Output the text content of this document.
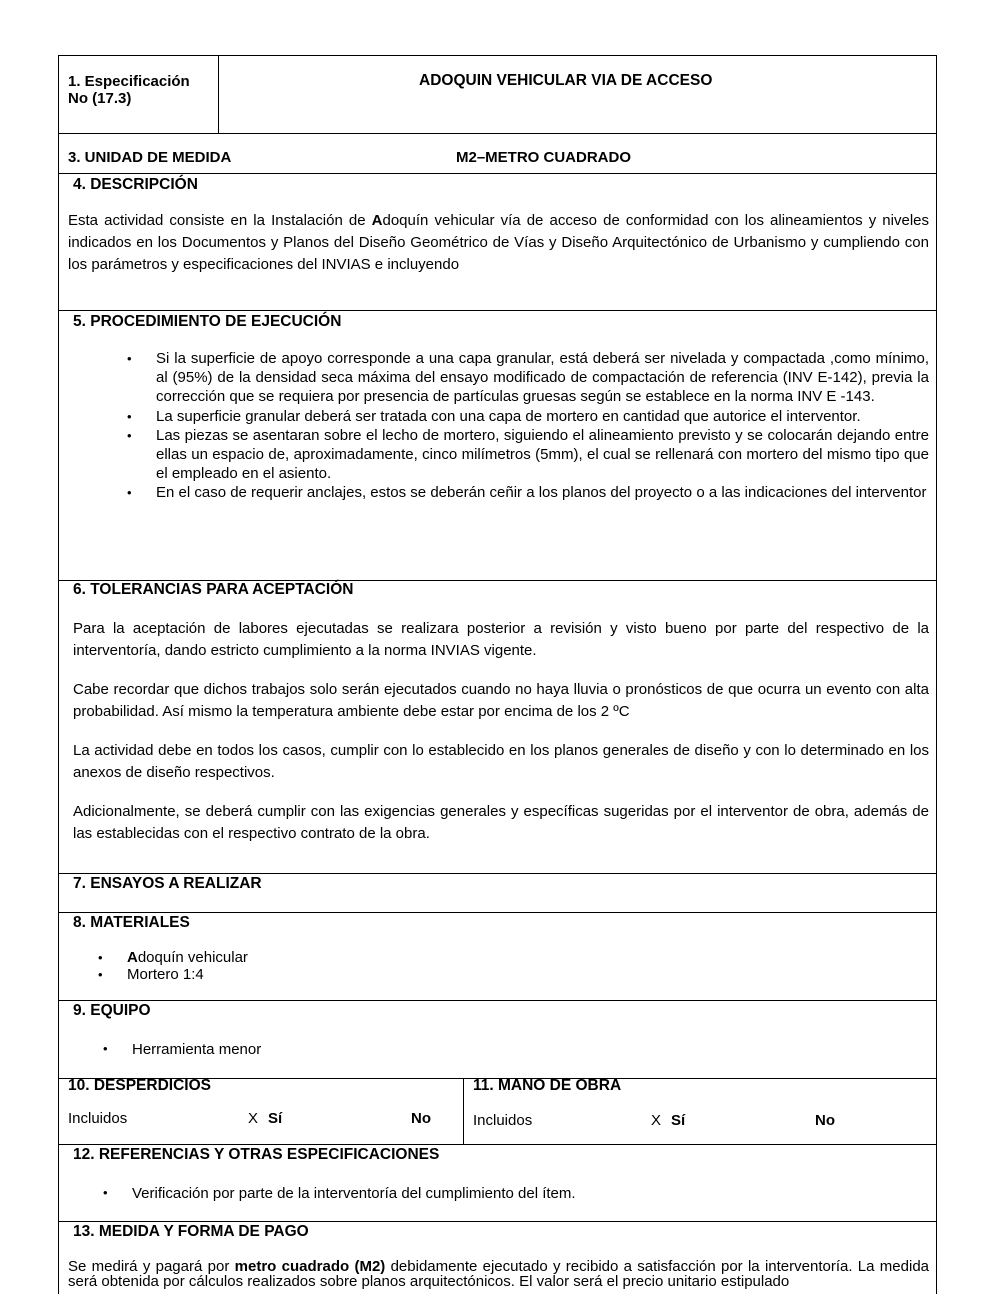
1. Especificación
No (17.3)
ADOQUIN VEHICULAR VIA DE ACCESO
3. UNIDAD DE MEDIDA	M2–METRO CUADRADO
4. DESCRIPCIÓN

Esta actividad consiste en la Instalación de Adoquín vehicular vía de acceso de conformidad con los alineamientos y niveles indicados en los Documentos y Planos del Diseño Geométrico de Vías y Diseño Arquitectónico de Urbanismo y cumpliendo con los parámetros y especificaciones del INVIAS e incluyendo

5. PROCEDIMIENTO DE EJECUCIÓN
• Si la superficie de apoyo corresponde a una capa granular, está deberá ser nivelada y compactada ,como mínimo, al (95%) de la densidad seca máxima del ensayo modificado de compactación de referencia (INV E-142), previa la corrección que se requiera por presencia de partículas gruesas según se establece en la norma INV E -143.
• La superficie granular deberá ser tratada con una capa de mortero en cantidad que autorice el interventor.
• Las piezas se asentaran sobre el lecho de mortero, siguiendo el alineamiento previsto y se colocarán dejando entre ellas un espacio de, aproximadamente, cinco milímetros (5mm), el cual se rellenará con mortero del mismo tipo que el empleado en el asiento.
• En el caso de requerir anclajes, estos se deberán ceñir a los planos del proyecto o a las indicaciones del interventor
6. TOLERANCIAS PARA ACEPTACIÓN

Para la aceptación de labores ejecutadas se realizara posterior a revisión y visto bueno por parte del respectivo de la interventoría, dando estricto cumplimiento a la norma INVIAS vigente.

Cabe recordar que dichos trabajos solo serán ejecutados cuando no haya lluvia o pronósticos de que ocurra un evento con alta probabilidad. Así mismo la temperatura ambiente debe estar por encima de los 2 ºC

La actividad debe en todos los casos, cumplir con lo establecido en los planos generales de diseño y con lo determinado en los anexos de diseño respectivos.

Adicionalmente, se deberá cumplir con las exigencias generales y específicas sugeridas por el interventor de obra, además de las establecidas con el respectivo contrato de la obra.

7. ENSAYOS A REALIZAR
8. MATERIALES
• Adoquín vehicular
• Mortero 1:4
9. EQUIPO
• Herramienta menor
10. DESPERDICIOS
Incluidos	X Sí	No
11. MANO DE OBRA
Incluidos	X Sí	No
12. REFERENCIAS Y OTRAS ESPECIFICACIONES
• Verificación por parte de la interventoría del cumplimiento del ítem.
13. MEDIDA Y FORMA DE PAGO

Se medirá y pagará por metro cuadrado (M2) debidamente ejecutado y recibido a satisfacción por la interventoría. La medida será obtenida por cálculos realizados sobre planos arquitectónicos. El valor será el precio unitario estipulado
